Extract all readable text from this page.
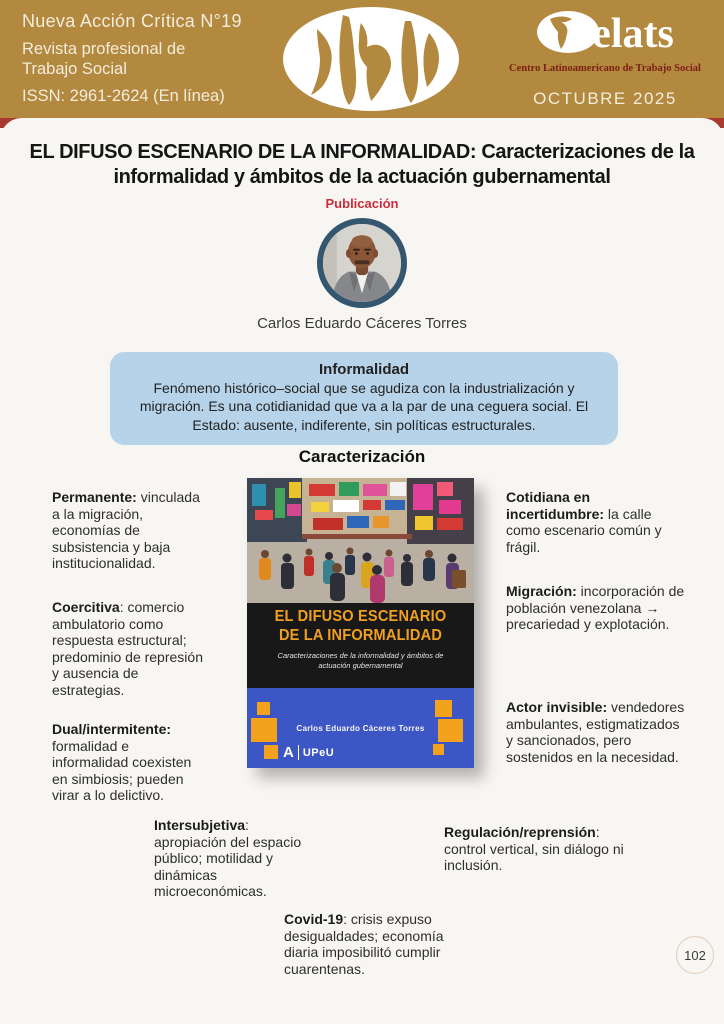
Nueva Acción Crítica N°19
Revista profesional de Trabajo Social
ISSN: 2961-2624 (En línea)
elats
Centro Latinoamericano de Trabajo Social
OCTUBRE 2025
EL DIFUSO ESCENARIO DE LA INFORMALIDAD: Caracterizaciones de la informalidad y ámbitos de la actuación gubernamental
Publicación
Carlos Eduardo Cáceres Torres
Informalidad
Fenómeno histórico–social que se agudiza con la industrialización y migración. Es una cotidianidad que va a la par de una ceguera social. El Estado: ausente, indiferente, sin políticas estructurales.
Caracterización
EL DIFUSO ESCENARIO
DE LA INFORMALIDAD
Caracterizaciones de la informalidad y ámbitos de actuación gubernamental
Carlos Eduardo Cáceres Torres
A UPeU
Permanente: vinculada a la migración, economías de subsistencia y baja institucionalidad.
Coercitiva: comercio ambulatorio como respuesta estructural; predominio de represión y ausencia de estrategias.
Dual/intermitente: formalidad e informalidad coexisten en simbiosis; pueden virar a lo delictivo.
Cotidiana en incertidumbre: la calle como escenario común y frágil.
Migración: incorporación de población venezolana → precariedad y explotación.
Actor invisible: vendedores ambulantes, estigmatizados y sancionados, pero sostenidos en la necesidad.
Intersubjetiva: apropiación del espacio público; motilidad y dinámicas microeconómicas.
Regulación/reprensión: control vertical, sin diálogo ni inclusión.
Covid-19: crisis expuso desigualdades; economía diaria imposibilitó cumplir cuarentenas.
102
